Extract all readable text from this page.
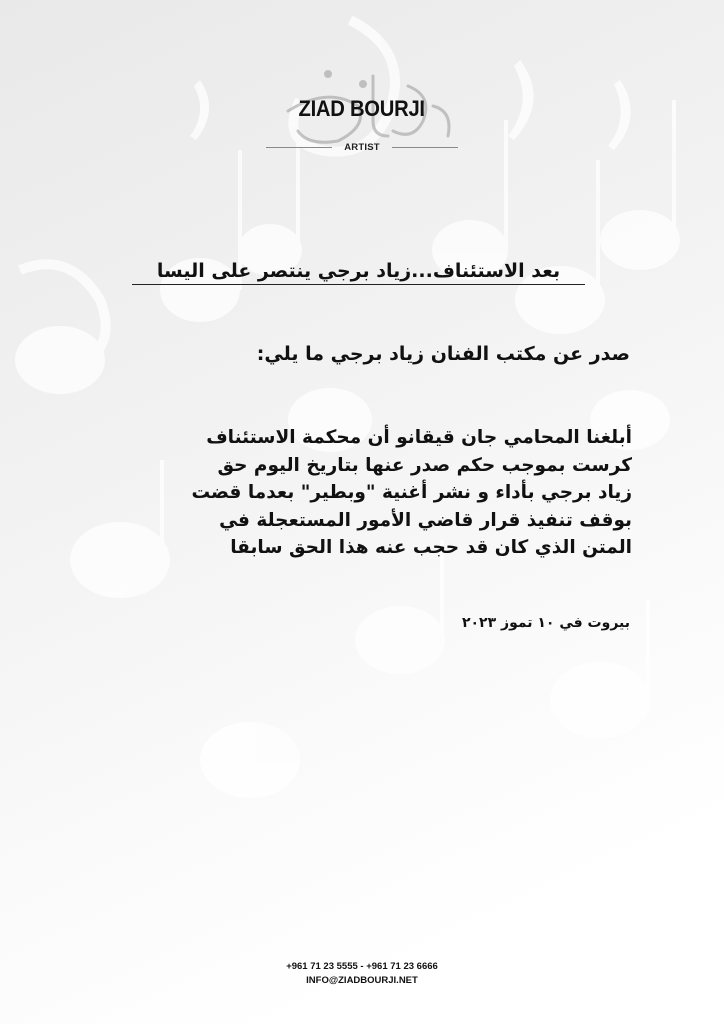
ZIAD BOURJI
ARTIST
بعد الاستئناف...زياد برجي ينتصر على اليسا
صدر عن مكتب الفنان زياد برجي ما يلي:
أبلغنا المحامي جان قيقانو أن محكمة الاستئناف
كرست بموجب حكم صدر عنها بتاريخ اليوم حق
زياد برجي بأداء و نشر أغنية "وبطير" بعدما قضت
بوقف تنفيذ قرار قاضي الأمور المستعجلة في
المتن الذي كان قد حجب عنه هذا الحق سابقا
بيروت في ١٠ تموز ٢٠٢٣
+961 71 23 5555 - +961 71 23 6666
INFO@ZIADBOURJI.NET
